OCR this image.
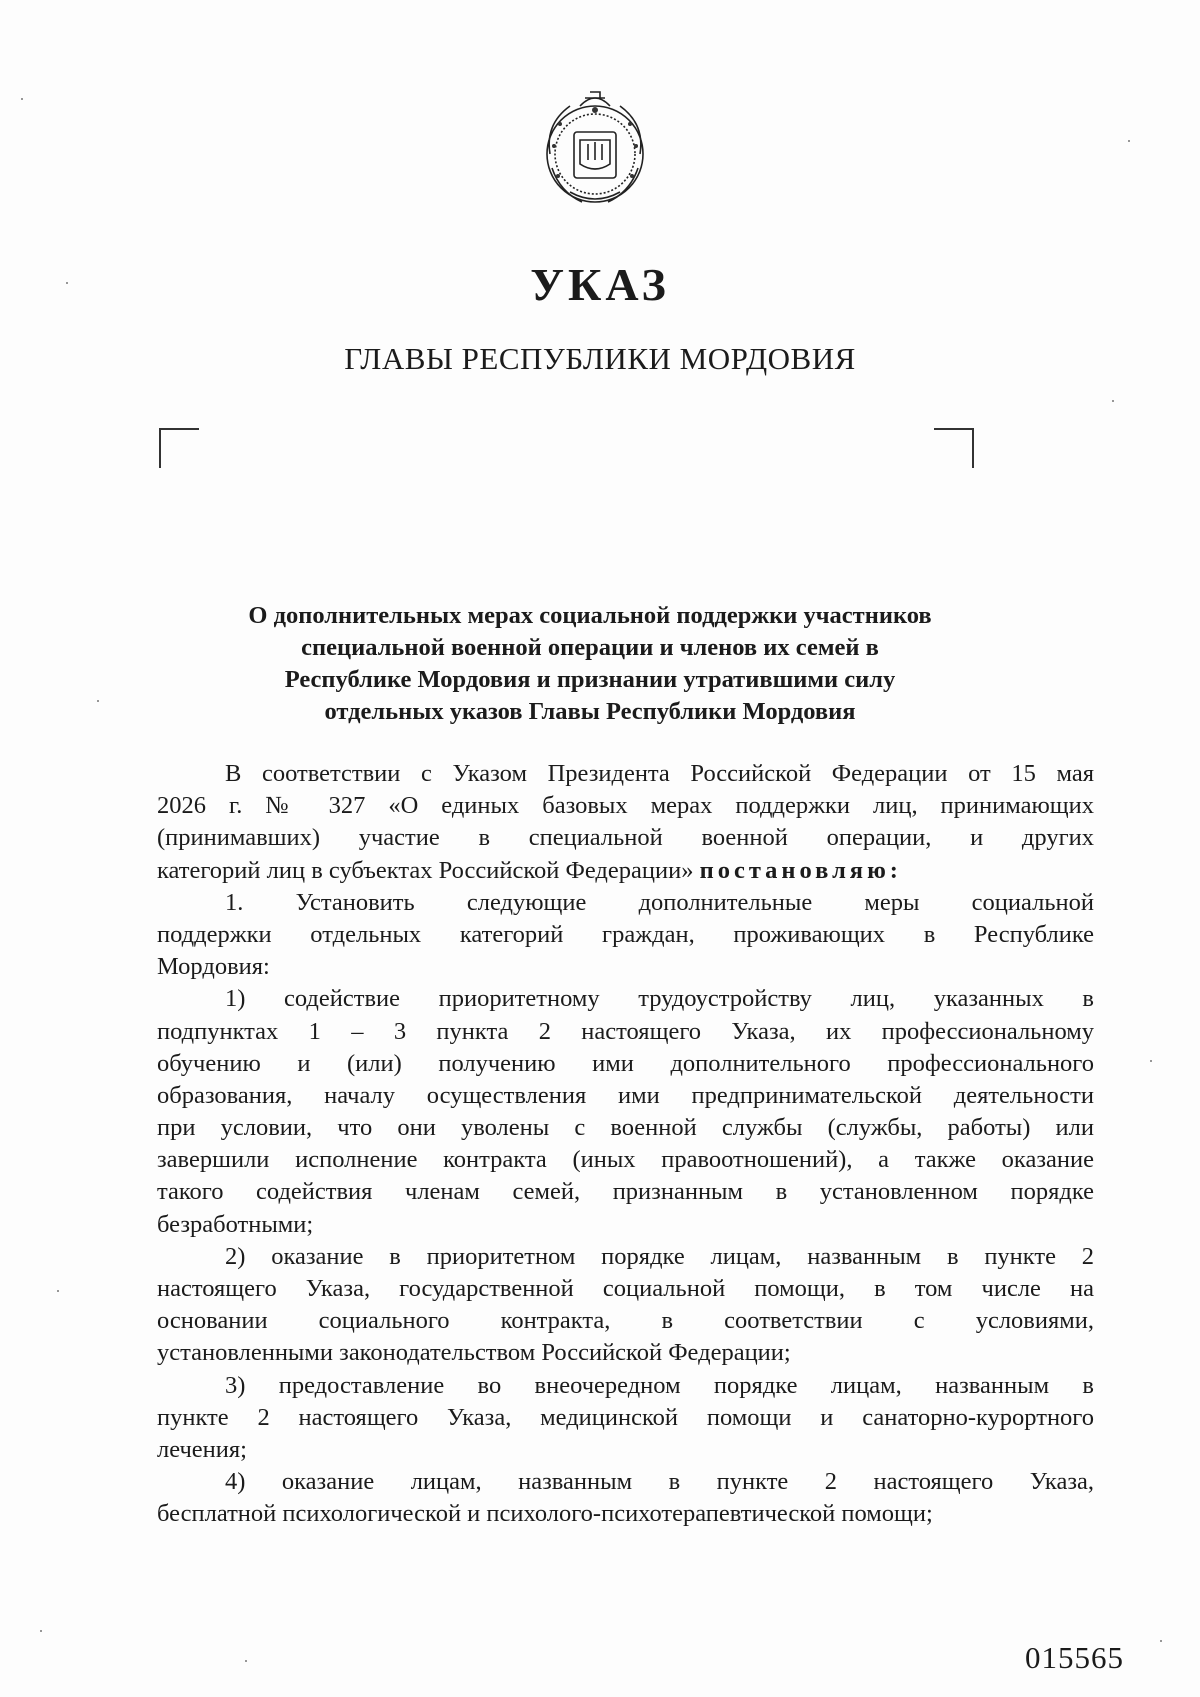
УКАЗ
ГЛАВЫ РЕСПУБЛИКИ МОРДОВИЯ
О дополнительных мерах социальной поддержки участников
специальной военной операции и членов их семей в
Республике Мордовия и признании утратившими силу
отдельных указов Главы Республики Мордовия
В соответствии с Указом Президента Российской Федерации от 15 мая
2026 г. № 327 «О единых базовых мерах поддержки лиц, принимающих
(принимавших) участие в специальной военной операции, и других
категорий лиц в субъектах Российской Федерации» постановляю:
1. Установить следующие дополнительные меры социальной
поддержки отдельных категорий граждан, проживающих в Республике
Мордовия:
1) содействие приоритетному трудоустройству лиц, указанных в
подпунктах 1 – 3 пункта 2 настоящего Указа, их профессиональному
обучению и (или) получению ими дополнительного профессионального
образования, началу осуществления ими предпринимательской деятельности
при условии, что они уволены с военной службы (службы, работы) или
завершили исполнение контракта (иных правоотношений), а также оказание
такого содействия членам семей, признанным в установленном порядке
безработными;
2) оказание в приоритетном порядке лицам, названным в пункте 2
настоящего Указа, государственной социальной помощи, в том числе на
основании социального контракта, в соответствии с условиями,
установленными законодательством Российской Федерации;
3) предоставление во внеочередном порядке лицам, названным в
пункте 2 настоящего Указа, медицинской помощи и санаторно-курортного
лечения;
4) оказание лицам, названным в пункте 2 настоящего Указа,
бесплатной психологической и психолого-психотерапевтической помощи;
015565
